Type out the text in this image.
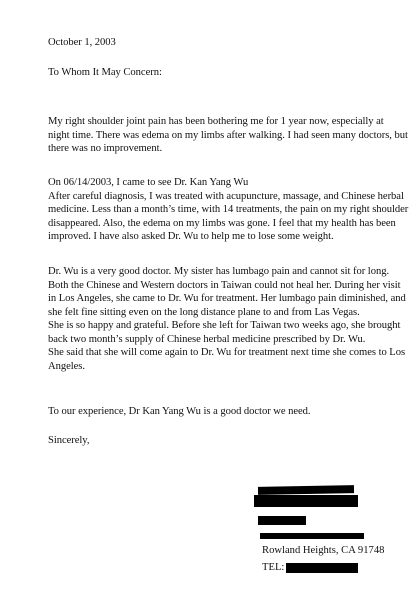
October 1, 2003

To Whom It May Concern:

My right shoulder joint pain has been bothering me for 1 year now, especially at

night time. There was edema on my limbs after walking. I had seen many doctors, but

there was no improvement.

On 06/14/2003, I came to see Dr. Kan Yang Wu

After careful diagnosis, I was treated with acupuncture, massage, and Chinese herbal

medicine. Less than a month’s time, with 14 treatments, the pain on my right shoulder

disappeared. Also, the edema on my limbs was gone. I feel that my health has been

improved. I have also asked Dr. Wu to help me to lose some weight.

Dr. Wu is a very good doctor. My sister has lumbago pain and cannot sit for long.

Both the Chinese and Western doctors in Taiwan could not heal her. During her visit

in Los Angeles, she came to Dr. Wu for treatment. Her lumbago pain diminished, and

she felt fine sitting even on the long distance plane to and from Las Vegas.

She is so happy and grateful. Before she left for Taiwan two weeks ago, she brought

back two month’s supply of Chinese herbal medicine prescribed by Dr. Wu.

She said that she will come again to Dr. Wu for treatment next time she comes to Los

Angeles.

To our experience, Dr Kan Yang Wu is a good doctor we need.

Sincerely,

Rowland Heights, CA 91748

TEL:
